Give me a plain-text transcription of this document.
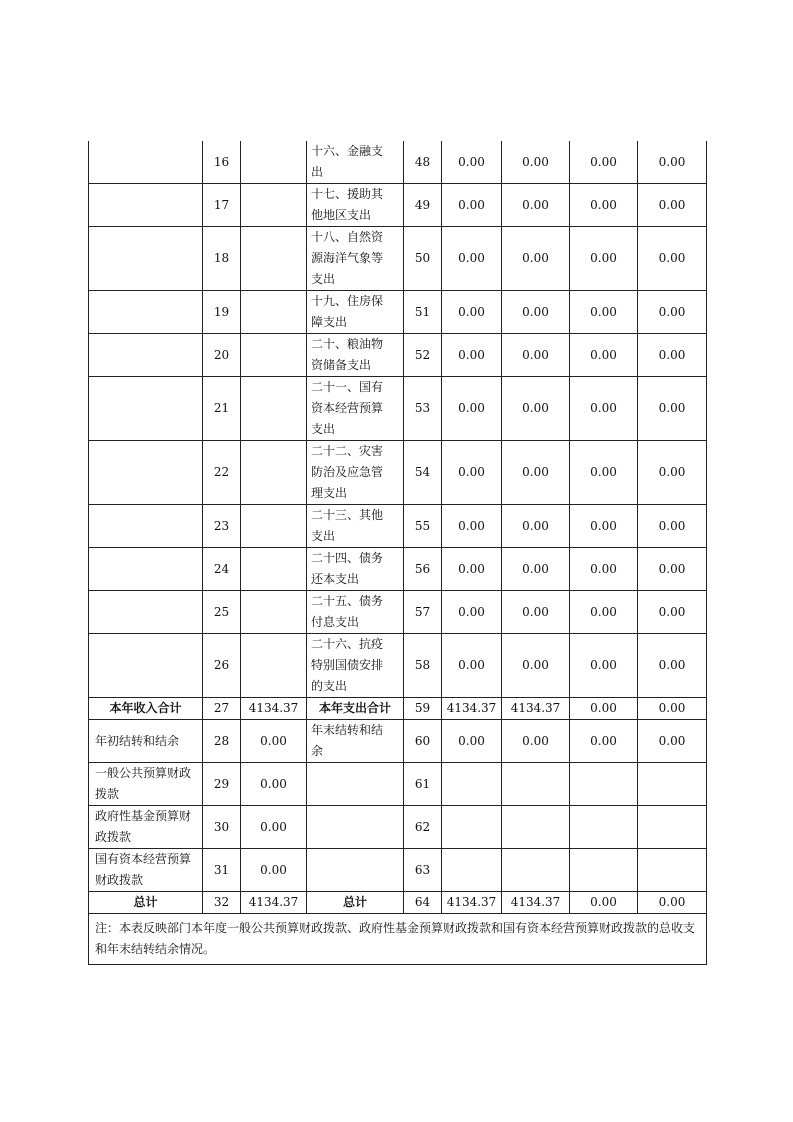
	16		十六、金融支
出	48	0.00	0.00	0.00	0.00
	17		十七、援助其
他地区支出	49	0.00	0.00	0.00	0.00
	18		十八、自然资
源海洋气象等
支出	50	0.00	0.00	0.00	0.00
	19		十九、住房保
障支出	51	0.00	0.00	0.00	0.00
	20		二十、粮油物
资储备支出	52	0.00	0.00	0.00	0.00
	21		二十一、国有
资本经营预算
支出	53	0.00	0.00	0.00	0.00
	22		二十二、灾害
防治及应急管
理支出	54	0.00	0.00	0.00	0.00
	23		二十三、其他
支出	55	0.00	0.00	0.00	0.00
	24		二十四、债务
还本支出	56	0.00	0.00	0.00	0.00
	25		二十五、债务
付息支出	57	0.00	0.00	0.00	0.00
	26		二十六、抗疫
特别国债安排
的支出	58	0.00	0.00	0.00	0.00
本年收入合计	27	4134.37	本年支出合计	59	4134.37	4134.37	0.00	0.00
年初结转和结余	28	0.00	年末结转和结
余	60	0.00	0.00	0.00	0.00
一般公共预算财政
拨款	29	0.00		61				
政府性基金预算财
政拨款	30	0.00		62				
国有资本经营预算
财政拨款	31	0.00		63				
总计	32	4134.37	总计	64	4134.37	4134.37	0.00	0.00
注：本表反映部门本年度一般公共预算财政拨款、政府性基金预算财政拨款和国有资本经营预算财政拨款的总收支和年末结转结余情况。								
